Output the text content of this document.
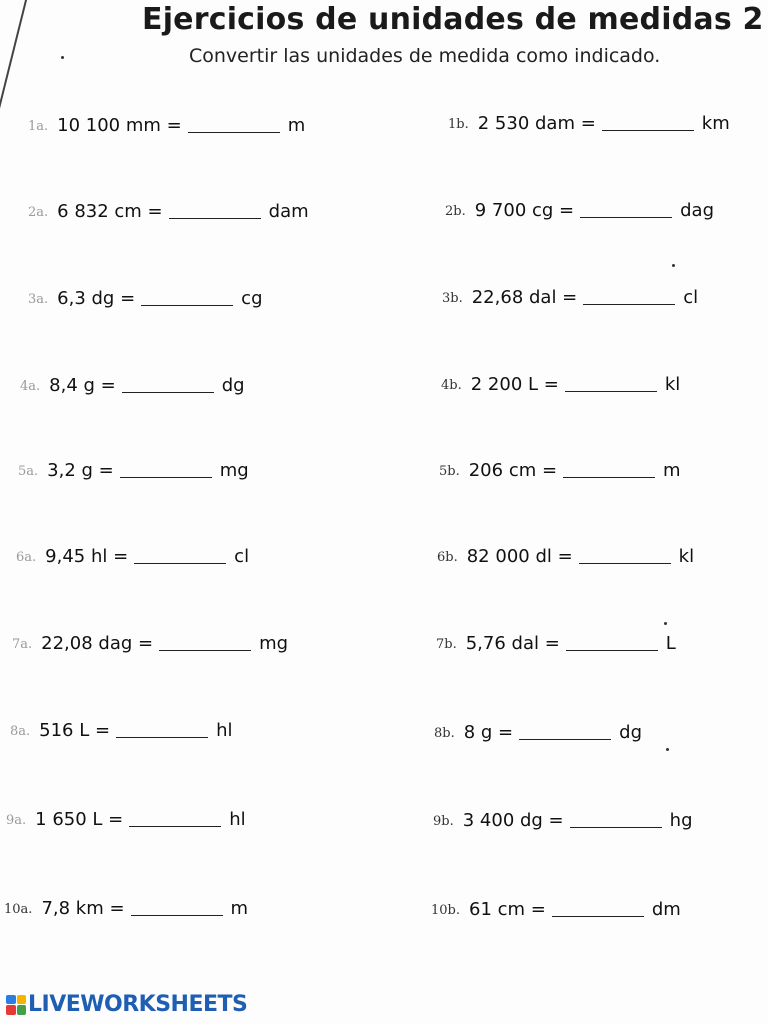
Ejercicios de unidades de medidas 2
Convertir las unidades de medida como indicado.
1a. 10 100 mm =	m
2a. 6 832 cm =	dam
3a. 6,3 dg =	cg
4a. 8,4 g =	dg
5a. 3,2 g =	mg
6a. 9,45 hl =	cl
7a. 22,08 dag =	mg
8a. 516 L =	hl
9a. 1 650 L =	hl
10a. 7,8 km =	m
1b. 2 530 dam =	km
2b. 9 700 cg =	dag
3b. 22,68 dal =	cl
4b. 2 200 L =	kl
5b. 206 cm =	m
6b. 82 000 dl =	kl
7b. 5,76 dal =	L
8b. 8 g =	dg
9b. 3 400 dg =	hg
10b. 61 cm =	dm
LIVEWORKSHEETS
